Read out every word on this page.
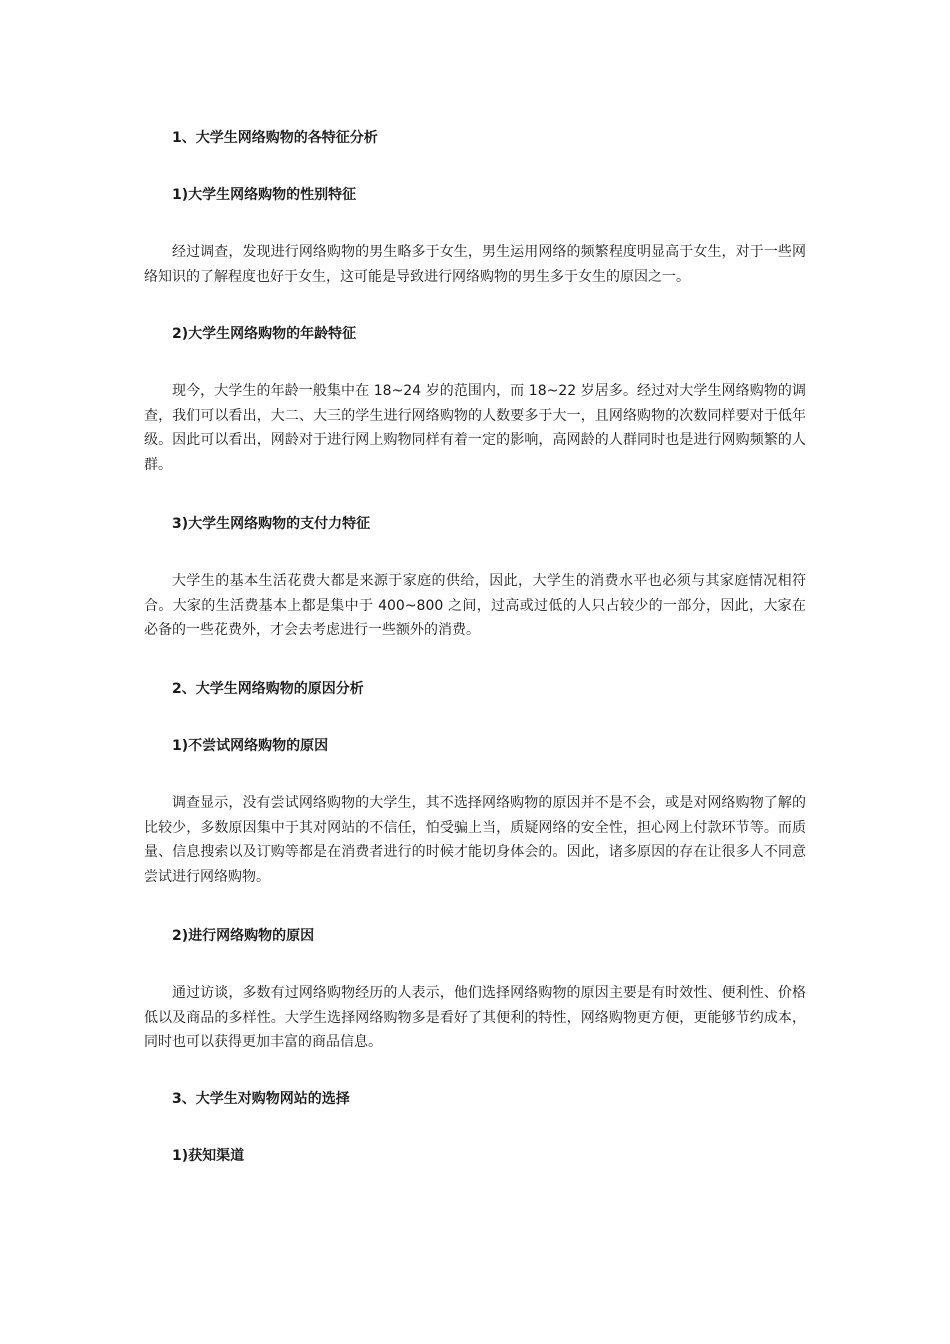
1、大学生网络购物的各特征分析

1)大学生网络购物的性别特征

经过调查，发现进行网络购物的男生略多于女生，男生运用网络的频繁程度明显高于女生，对于一些网络知识的了解程度也好于女生，这可能是导致进行网络购物的男生多于女生的原因之一。

2)大学生网络购物的年龄特征

现今，大学生的年龄一般集中在 18~24 岁的范围内，而 18~22 岁居多。经过对大学生网络购物的调查，我们可以看出，大二、大三的学生进行网络购物的人数要多于大一，且网络购物的次数同样要对于低年级。因此可以看出，网龄对于进行网上购物同样有着一定的影响，高网龄的人群同时也是进行网购频繁的人群。

3)大学生网络购物的支付力特征

大学生的基本生活花费大都是来源于家庭的供给，因此，大学生的消费水平也必须与其家庭情况相符合。大家的生活费基本上都是集中于 400~800 之间，过高或过低的人只占较少的一部分，因此，大家在必备的一些花费外，才会去考虑进行一些额外的消费。

2、大学生网络购物的原因分析

1)不尝试网络购物的原因

调查显示，没有尝试网络购物的大学生，其不选择网络购物的原因并不是不会，或是对网络购物了解的比较少，多数原因集中于其对网站的不信任，怕受骗上当，质疑网络的安全性，担心网上付款环节等。而质量、信息搜索以及订购等都是在消费者进行的时候才能切身体会的。因此，诸多原因的存在让很多人不同意尝试进行网络购物。

2)进行网络购物的原因

通过访谈，多数有过网络购物经历的人表示，他们选择网络购物的原因主要是有时效性、便利性、价格低以及商品的多样性。大学生选择网络购物多是看好了其便利的特性，网络购物更方便，更能够节约成本，同时也可以获得更加丰富的商品信息。

3、大学生对购物网站的选择

1)获知渠道
